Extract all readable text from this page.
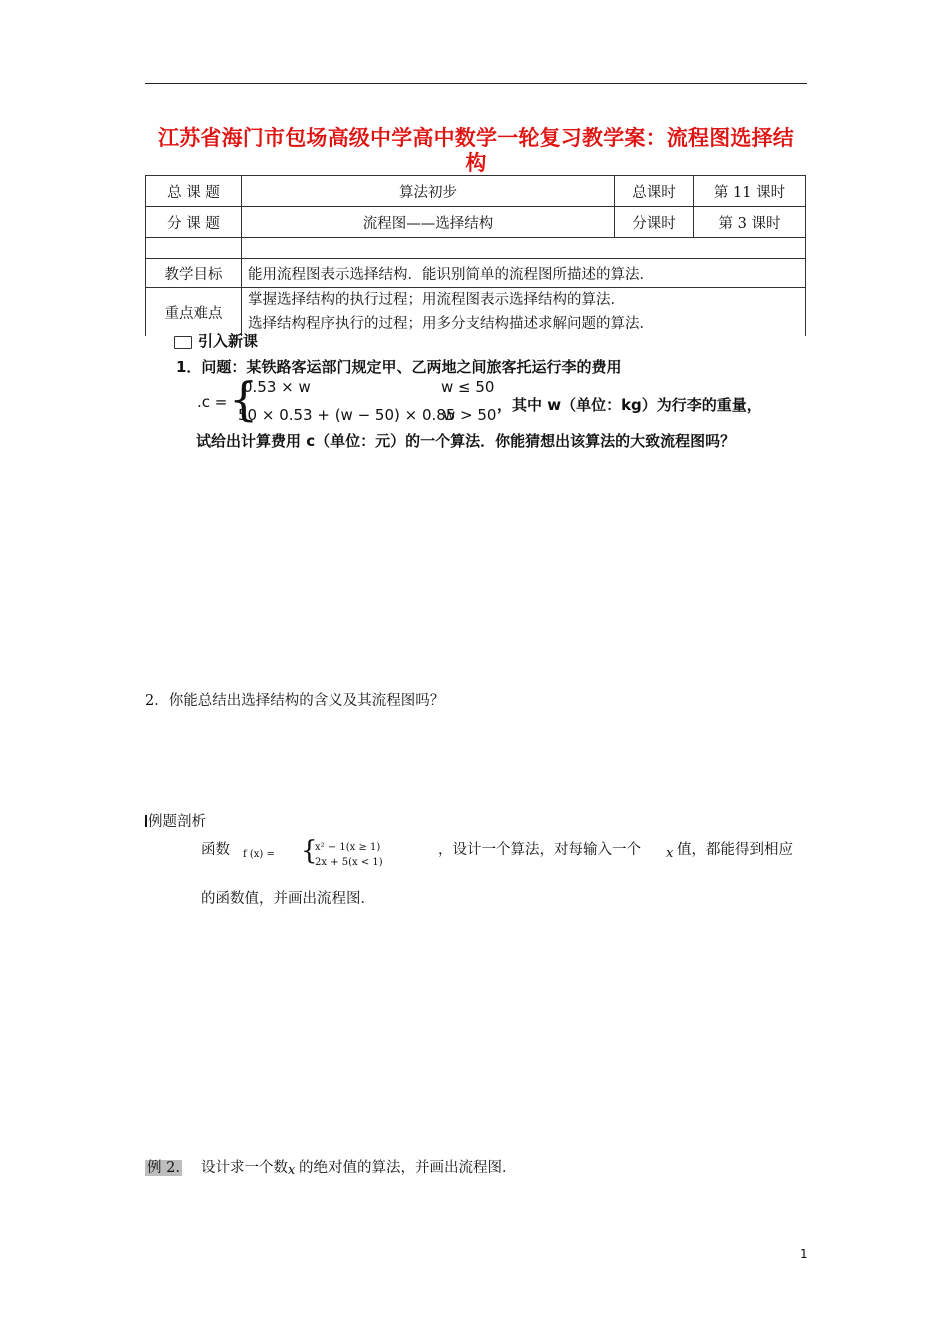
江苏省海门市包场高级中学高中数学一轮复习教学案：流程图选择结
构
总 课 题	算法初步	总课时	第 11 课时
分 课 题	流程图——选择结构	分课时	第 3 课时

教学目标	能用流程图表示选择结构．能识别简单的流程图所描述的算法．		
重点难点	掌握选择结构的执行过程；用流程图表示选择结构的算法．
选择结构程序执行的过程；用多分支结构描述求解问题的算法．		
引入新课
1．问题：某铁路客运部门规定甲、乙两地之间旅客托运行李的费用
.c = {
0.53 × w	w ≤ 50
50 × 0.53 + (w − 50) × 0.85
w > 50
，其中 w（单位：kg）为行李的重量，
试给出计算费用 c（单位：元）的一个算法．你能猜想出该算法的大致流程图吗？
2．你能总结出选择结构的含义及其流程图吗？
例题剖析
函数 f (x) = {
x² − 1(x ≥ 1)
2x + 5(x < 1)
，设计一个算法，对每输入一个 x 值，都能得到相应
的函数值，并画出流程图．
例 2. 设计求一个数 x 的绝对值的算法，并画出流程图．
1
